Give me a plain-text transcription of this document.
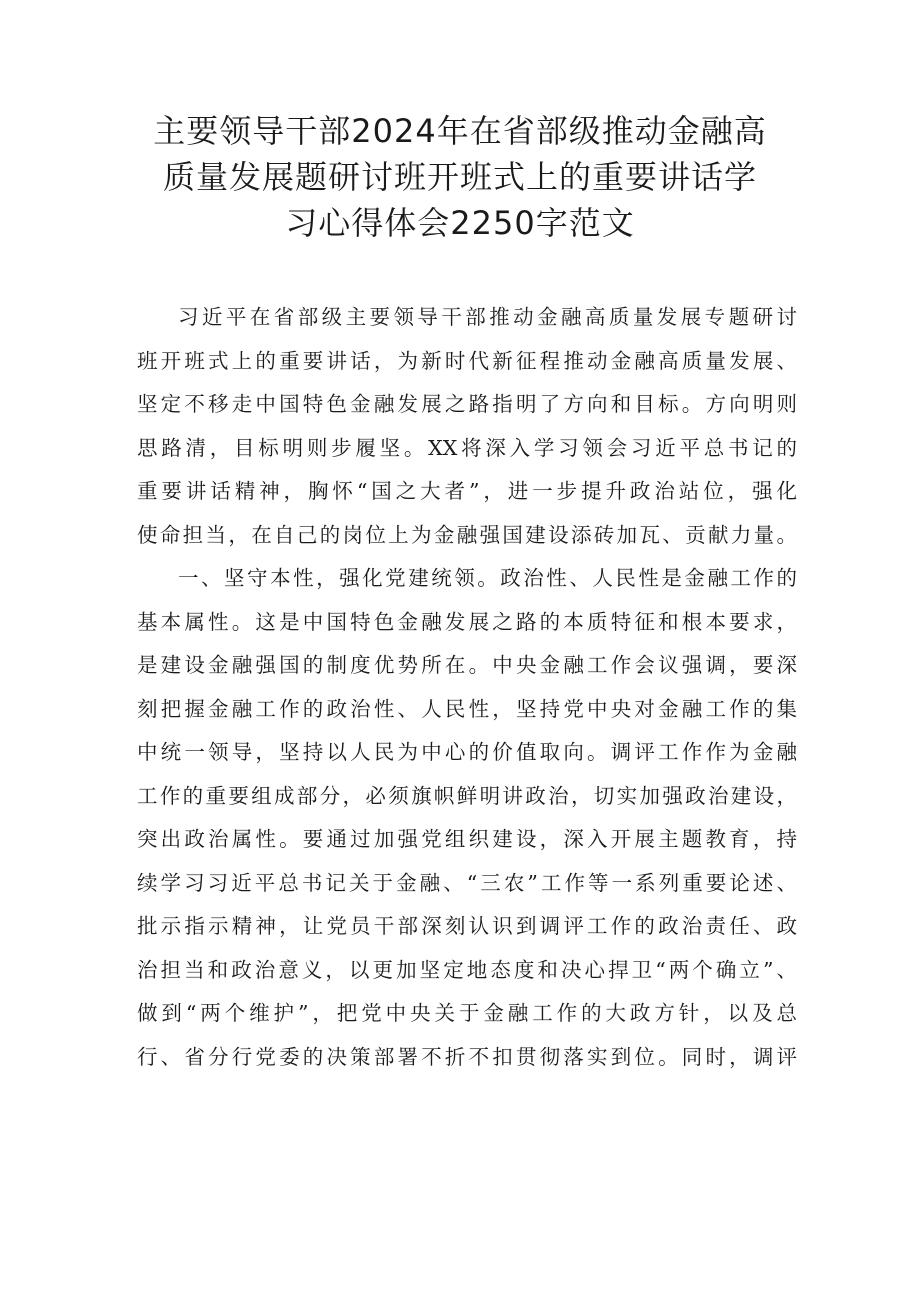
主要领导干部2024年在省部级推动金融高
质量发展题研讨班开班式上的重要讲话学
习心得体会2250字范文
习近平在省部级主要领导干部推动金融高质量发展专题研讨
班开班式上的重要讲话，为新时代新征程推动金融高质量发展、
坚定不移走中国特色金融发展之路指明了方向和目标。方向明则
思路清，目标明则步履坚。XX将深入学习领会习近平总书记的
重要讲话精神，胸怀“国之大者”，进一步提升政治站位，强化
使命担当，在自己的岗位上为金融强国建设添砖加瓦、贡献力量。
一、坚守本性，强化党建统领。政治性、人民性是金融工作的
基本属性。这是中国特色金融发展之路的本质特征和根本要求，
是建设金融强国的制度优势所在。中央金融工作会议强调，要深
刻把握金融工作的政治性、人民性，坚持党中央对金融工作的集
中统一领导，坚持以人民为中心的价值取向。调评工作作为金融
工作的重要组成部分，必须旗帜鲜明讲政治，切实加强政治建设，
突出政治属性。要通过加强党组织建设，深入开展主题教育，持
续学习习近平总书记关于金融、“三农”工作等一系列重要论述、
批示指示精神，让党员干部深刻认识到调评工作的政治责任、政
治担当和政治意义，以更加坚定地态度和决心捍卫“两个确立”、
做到“两个维护”，把党中央关于金融工作的大政方针，以及总
行、省分行党委的决策部署不折不扣贯彻落实到位。同时，调评
